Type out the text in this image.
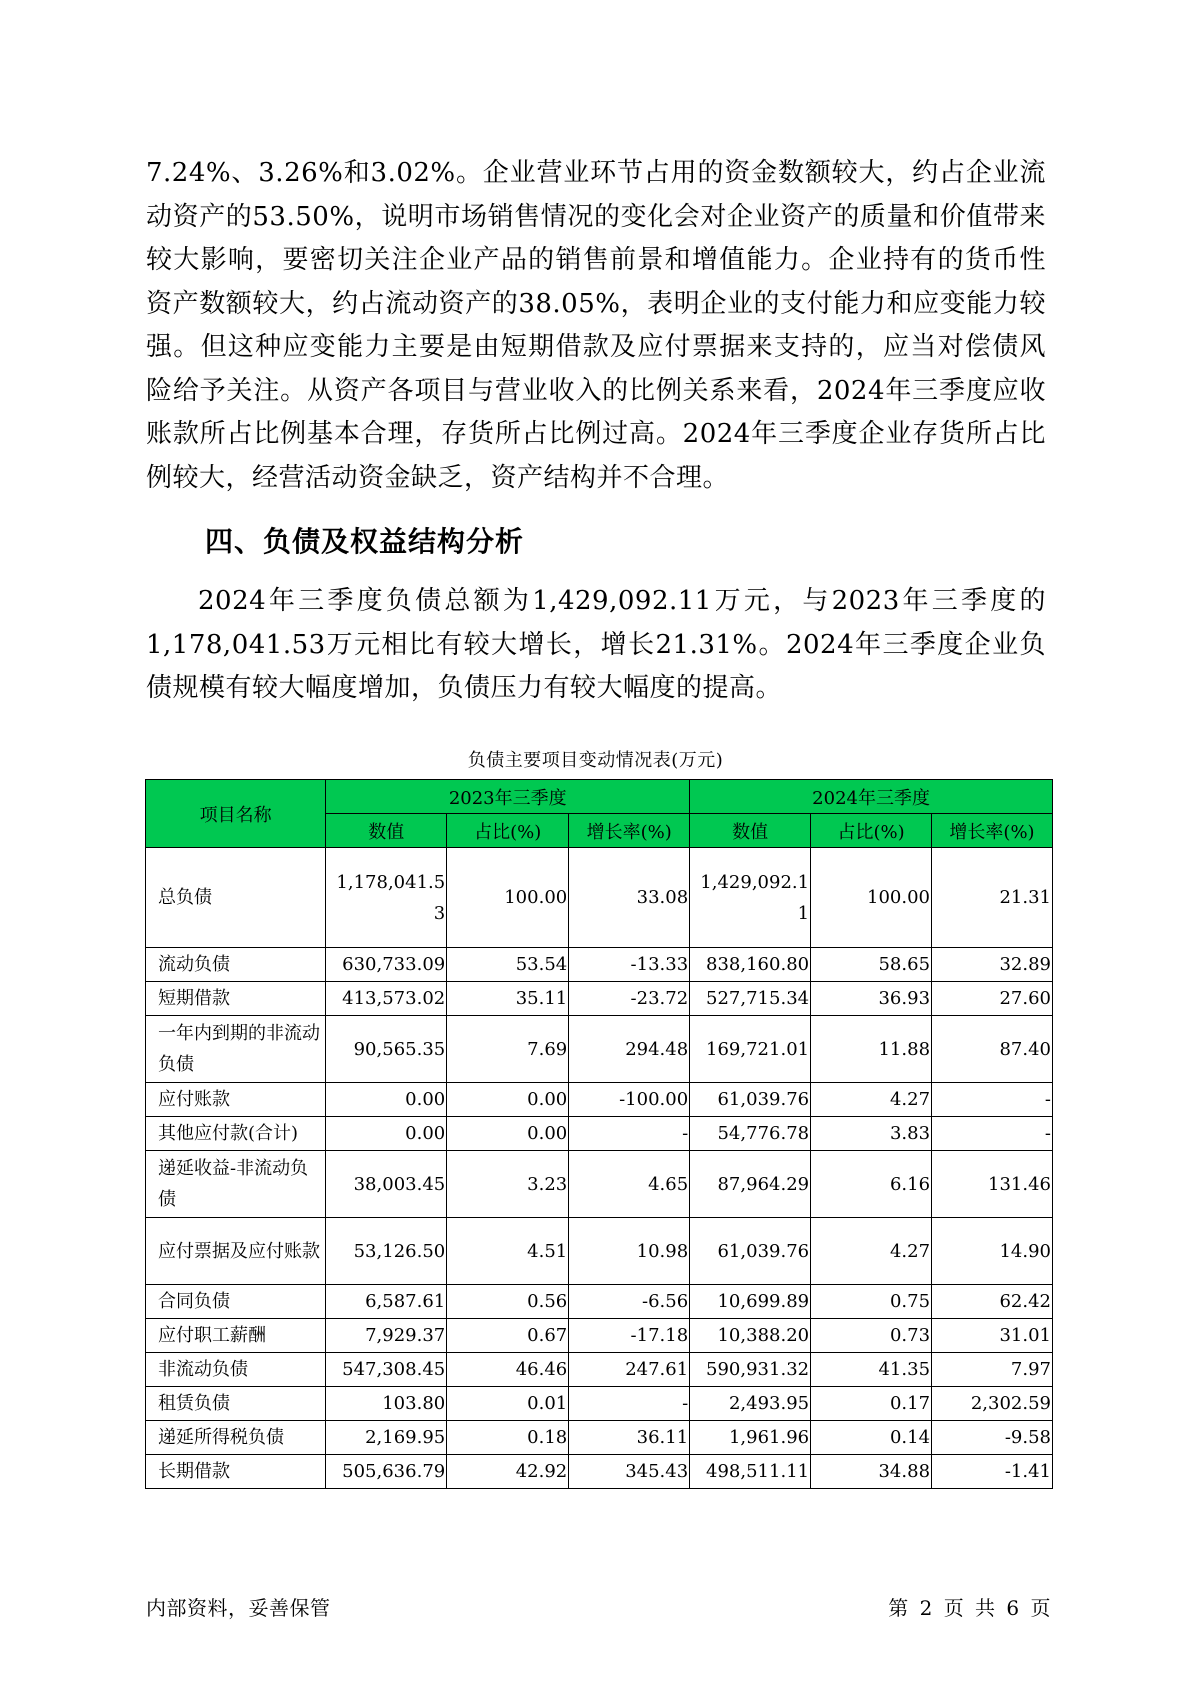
7.24%、3.26%和3.02%。企业营业环节占用的资金数额较大，约占企业流动资产的53.50%，说明市场销售情况的变化会对企业资产的质量和价值带来较大影响，要密切关注企业产品的销售前景和增值能力。企业持有的货币性资产数额较大，约占流动资产的38.05%，表明企业的支付能力和应变能力较强。但这种应变能力主要是由短期借款及应付票据来支持的，应当对偿债风险给予关注。从资产各项目与营业收入的比例关系来看，2024年三季度应收账款所占比例基本合理，存货所占比例过高。2024年三季度企业存货所占比例较大，经营活动资金缺乏，资产结构并不合理。
四、负债及权益结构分析
2024年三季度负债总额为1,429,092.11万元，与2023年三季度的1,178,041.53万元相比有较大增长，增长21.31%。2024年三季度企业负债规模有较大幅度增加，负债压力有较大幅度的提高。
负债主要项目变动情况表(万元)
项目名称	2023年三季度			2024年三季度		
	数值	占比(%)	增长率(%)	数值	占比(%)	增长率(%)
总负债	1,178,041.53	100.00	33.08	1,429,092.11	100.00	21.31
流动负债	630,733.09	53.54	-13.33	838,160.80	58.65	32.89
短期借款	413,573.02	35.11	-23.72	527,715.34	36.93	27.60
一年内到期的非流动负债	90,565.35	7.69	294.48	169,721.01	11.88	87.40
应付账款	0.00	0.00	-100.00	61,039.76	4.27	-
其他应付款(合计)	0.00	0.00	-	54,776.78	3.83	-
递延收益-非流动负债	38,003.45	3.23	4.65	87,964.29	6.16	131.46
应付票据及应付账款	53,126.50	4.51	10.98	61,039.76	4.27	14.90
合同负债	6,587.61	0.56	-6.56	10,699.89	0.75	62.42
应付职工薪酬	7,929.37	0.67	-17.18	10,388.20	0.73	31.01
非流动负债	547,308.45	46.46	247.61	590,931.32	41.35	7.97
租赁负债	103.80	0.01	-	2,493.95	0.17	2,302.59
递延所得税负债	2,169.95	0.18	36.11	1,961.96	0.14	-9.58
长期借款	505,636.79	42.92	345.43	498,511.11	34.88	-1.41
内部资料，妥善保管	第 2 页 共 6 页
